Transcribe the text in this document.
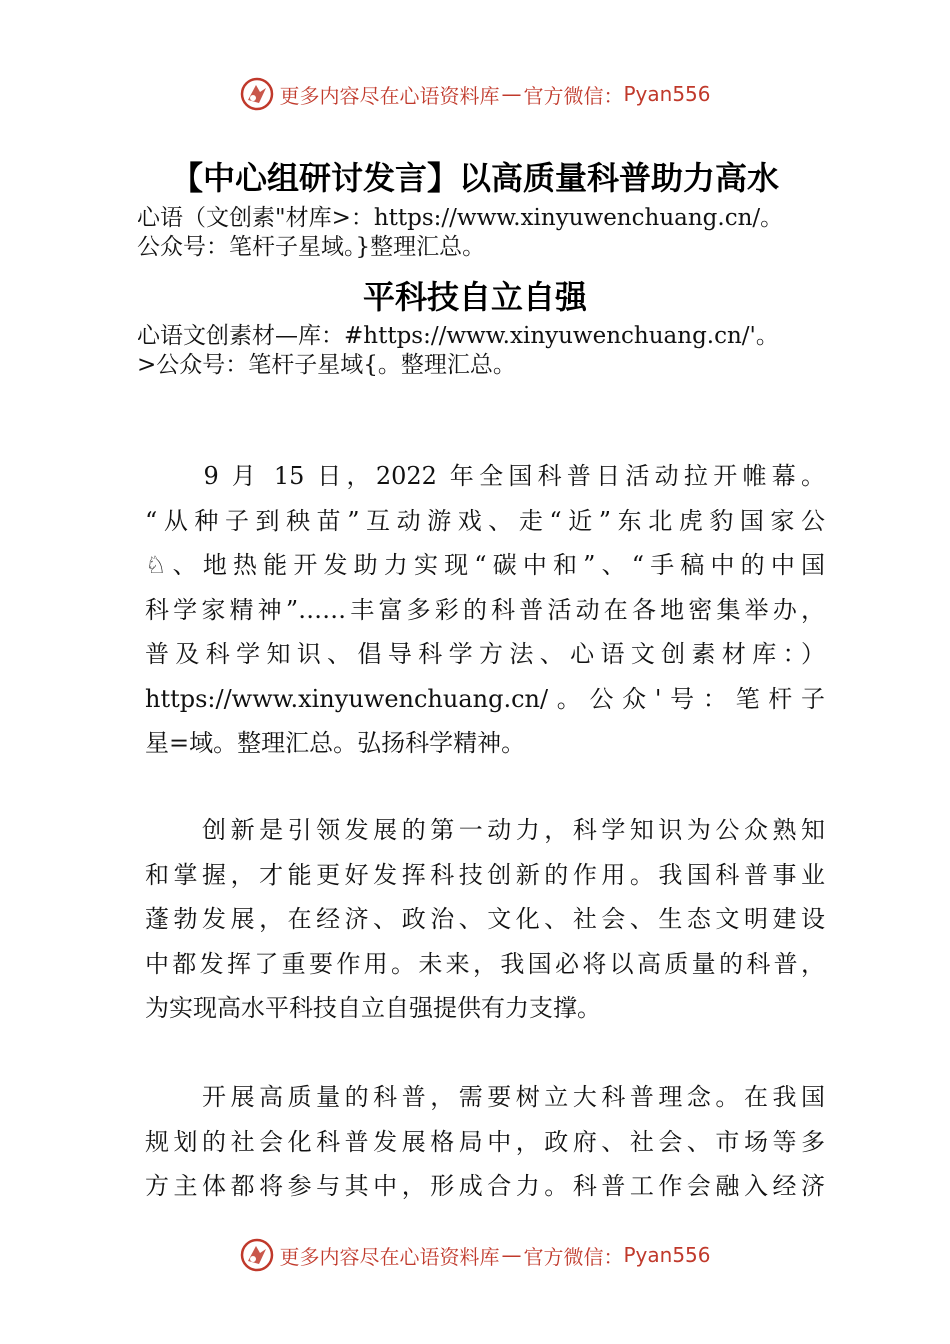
更多内容尽在心语资料库 — 官方微信： Pyan556
【中心组研讨发言】以高质量科普助力高水
心语（文创素"材库>：https://www.xinyuwenchuang.cn/。
公众号：笔杆子星域。}整理汇总。
平科技自立自强
心语文创素材—库：#https://www.xinyuwenchuang.cn/'。
>公众号：笔杆子星域{。整理汇总。
　　9 月 15 日，2022 年全国科普日活动拉开帷幕。
“从种子到秧苗”互动游戏、走“近”东北虎豹国家公
♘、地热能开发助力实现“碳中和”、“手稿中的中国
科学家精神”……丰富多彩的科普活动在各地密集举办，
普及科学知识、倡导科学方法、心语文创素材库：）
https://www.xinyuwenchuang.cn/。公众'号：笔杆子
星=域。整理汇总。弘扬科学精神。
　　创新是引领发展的第一动力，科学知识为公众熟知
和掌握，才能更好发挥科技创新的作用。我国科普事业
蓬勃发展，在经济、政治、文化、社会、生态文明建设
中都发挥了重要作用。未来，我国必将以高质量的科普，
为实现高水平科技自立自强提供有力支撑。
　　开展高质量的科普，需要树立大科普理念。在我国
规划的社会化科普发展格局中，政府、社会、市场等多
方主体都将参与其中，形成合力。科普工作会融入经济
更多内容尽在心语资料库 — 官方微信： Pyan556
